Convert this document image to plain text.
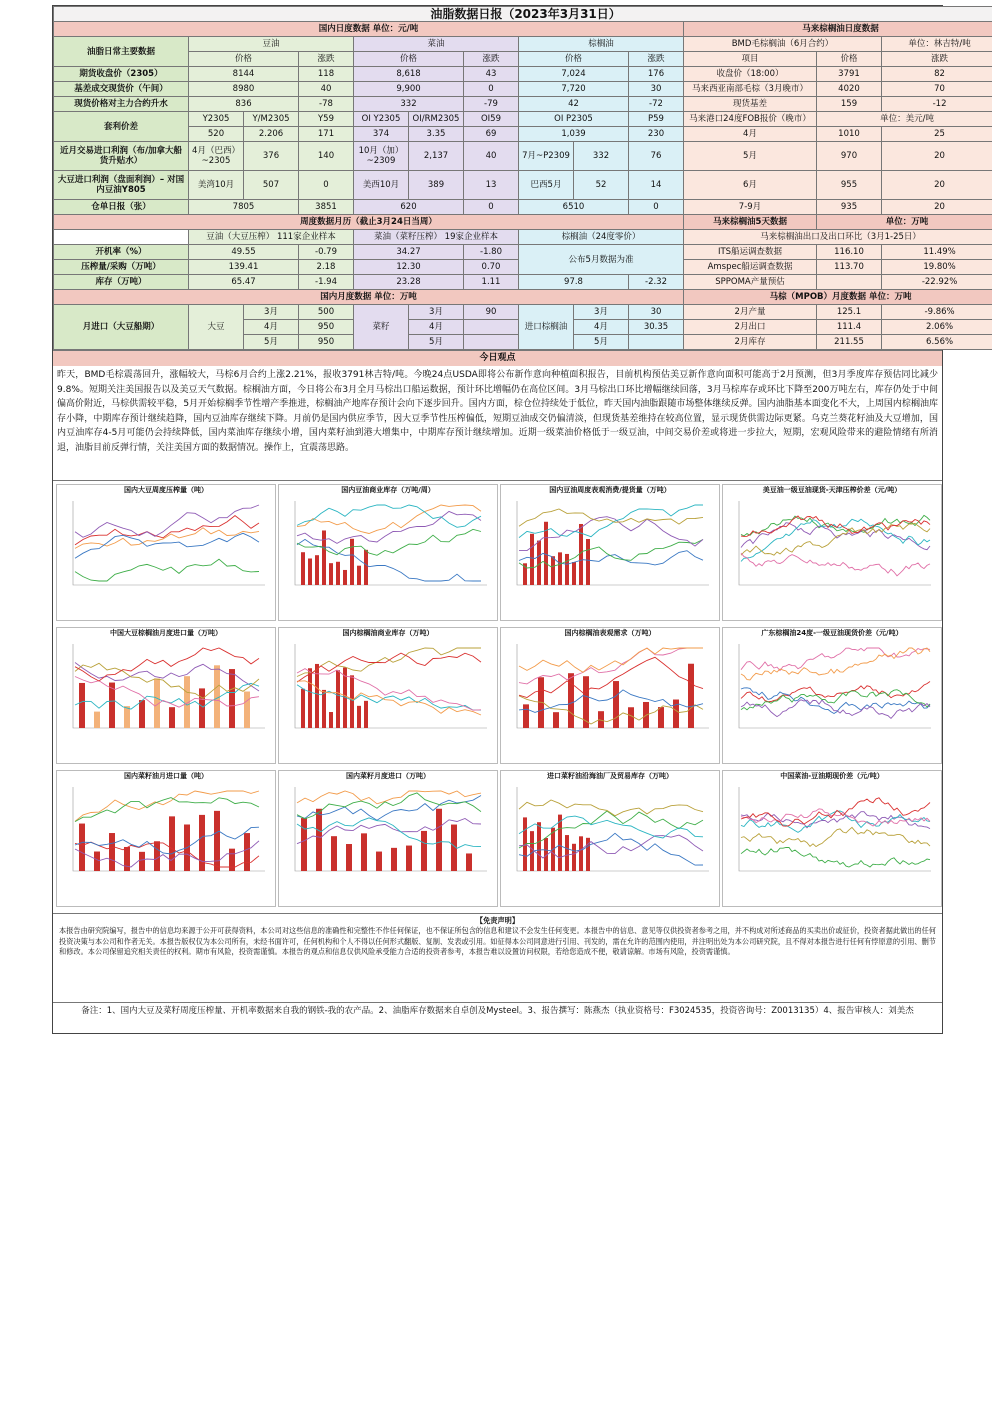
油脂数据日报（2023年3月31日）												
国内日度数据 单位：元/吨										马来棕榈油日度数据		
油脂日常主要数据	豆油			菜油			棕榈油			BMD毛棕榈油（6月合约）		单位：林吉特/吨
	价格		涨跌	价格		涨跌	价格		涨跌	项目	价格	涨跌
期货收盘价（2305）	8144		118	8,618		43	7,024		176	收盘价（18:00）	3791	82
基差成交现货价（午间）	8980		40	9,900		0	7,720		30	马来西亚南部毛棕（3月晚市）	4020	70
现货价格对主力合约升水	836		-78	332		-79	42		-72	现货基差	159	-12
套利价差	Y2305	Y/M2305	Y59	OI Y2305	OI/RM2305	OI59	OI P2305		P59	马来港口24度FOB报价（晚市）	单位：美元/吨	
	520	2.206	171	374	3.35	69	1,039		230	4月	1010	25
近月交易进口利润（布/加拿大船货升贴水）	4月（巴西）~2305	376	140	10月（加）~2309	2,137	40	7月~P2309	332	76	5月	970	20
大豆进口利润（盘面利润）– 对国内豆油Y805	美湾10月	507	0	美西10月	389	13	巴西5月	52	14	6月	955	20
仓单日报（张）	7805		3851	620		0	6510		0	7-9月	935	20
周度数据月历（截止3月24日当周）										马来棕榈油5天数据	单位：万吨	
	豆油（大豆压榨） 111家企业样本			菜油（菜籽压榨） 19家企业样本			棕榈油（24度零价）			马来棕榈油出口及出口环比（3月1-25日）		
开机率（%）	49.55		-0.79	34.27		-1.80	公布5月数据为准			ITS船运调查数据	116.10	11.49%
压榨量/采购（万吨）	139.41		2.18	12.30		0.70				Amspec船运调查数据	113.70	19.80%
库存（万吨）	65.47		-1.94	23.28		1.11	97.8		-2.32	SPPOMA产量预估		-22.92%
国内月度数据 单位：万吨										马棕（MPOB）月度数据 单位：万吨		
月进口（大豆船期）	大豆	3月	500	菜籽	3月	90	进口棕榈油	3月	30	2月产量	125.1	-9.86%
		4月	950		4月			4月	30.35	2月出口	111.4	2.06%
		5月	950		5月			5月		2月库存	211.55	6.56%
今日观点
昨天，BMD毛棕震荡回升，涨幅较大，马棕6月合约上涨2.21%，报收3791林吉特/吨。今晚24点USDA即将公布新作意向种植面积报告，目前机构预估美豆新作意向面积可能高于2月预测，但3月季度库存预估同比减少9.8%。短期关注美国报告以及美豆天气数据。棕榈油方面，今日将公布3月全月马棕出口船运数据，预计环比增幅仍在高位区间。3月马棕出口环比增幅继续回落，3月马棕库存或环比下降至200万吨左右，库存仍处于中间偏高价附近，马棕供需较平稳，5月开始棕榈季节性增产季推进，棕榈油产地库存预计会向下逐步回升。国内方面，棕仓位持续处于低位，昨天国内油脂跟随市场整体继续反弹。国内油脂基本面变化不大，上周国内棕榈油库存小降，中期库存预计继续趋降，国内豆油库存继续下降。月前仍是国内供应季节，因大豆季节性压榨偏低，短期豆油成交仍偏清淡，但现货基差维持在较高位置，显示现货供需边际更紧。乌克兰葵花籽油及大豆增加，国内豆油库存4-5月可能仍会持续降低，国内菜油库存继续小增，国内菜籽油到港大增集中，中期库存预计继续增加。近期一级菜油价格低于一级豆油，中间交易价差或将进一步拉大，短期，宏观风险带来的避险情绪有所消退，油脂目前反弹行情，关注美国方面的数据情况。操作上，宜震荡思路。
国内大豆周度压榨量（吨）	国内豆油商业库存（万吨/周）	国内豆油周度表观消费/提货量（万吨）	美豆油一级豆油现货-天津压榨价差（元/吨）
中国大豆棕榈油月度进口量（万吨）	国内棕榈油商业库存（万吨）	国内棕榈油表观需求（万吨）	广东棕榈油24度-一级豆油现货价差（元/吨）
国内菜籽油月进口量（吨）	国内菜籽月度进口（万吨）	进口菜籽油沿海油厂及贸易库存（万吨）	中国菜油-豆油期现价差（元/吨）
【免责声明】
本报告由研究院编写，报告中的信息均来源于公开可获得资料，本公司对这些信息的准确性和完整性不作任何保证，也不保证所包含的信息和建议不会发生任何变更。本报告中的信息、意见等仅供投资者参考之用，并不构成对所述商品的买卖出价或征价，投资者据此做出的任何投资决策与本公司和作者无关。本报告版权仅为本公司所有，未经书面许可，任何机构和个人不得以任何形式翻版、复制、发表或引用。如征得本公司同意进行引用、刊发的，需在允许的范围内使用，并注明出处为本公司研究院，且不得对本报告进行任何有悖原意的引用、删节和修改。本公司保留追究相关责任的权利。期市有风险，投资需谨慎。本报告的观点和信息仅供风险承受能力合适的投资者参考，本报告难以设置访问权限，若给您造成不便，敬请谅解。市场有风险，投资需谨慎。
备注：1、国内大豆及菜籽周度压榨量、开机率数据来自我的钢铁-我的农产品。2、油脂库存数据来自卓创及Mysteel。3、报告撰写：陈燕杰（执业资格号：F3024535，投资咨询号：Z0013135）4、报告审核人：刘美杰
